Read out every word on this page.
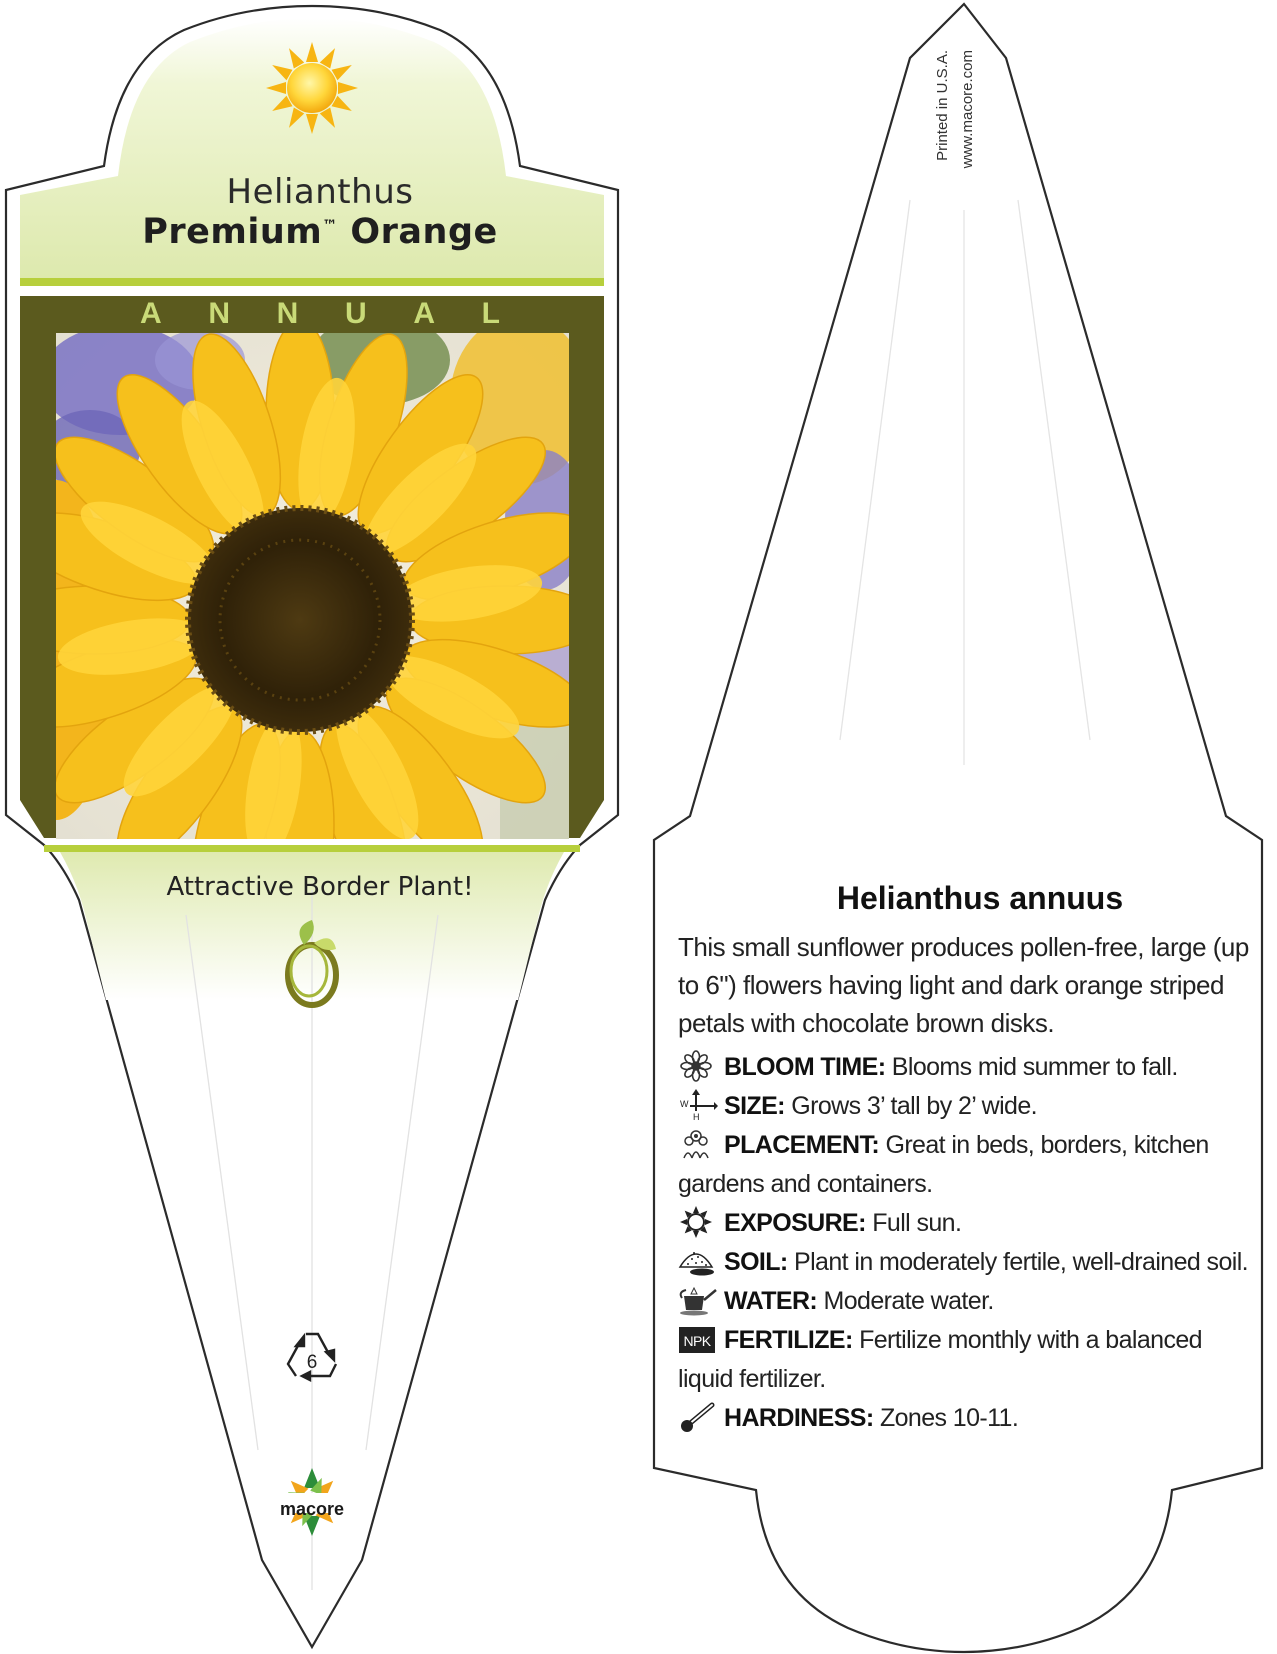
Helianthus
Premium™ Orange
A N N U A L
Attractive Border Plant!
6
macore
Printed in U.S.A. www.macore.com
Helianthus annuus
This small sunflower produces pollen-free, large (up to 6") flowers having light and dark orange striped petals with chocolate brown disks.
BLOOM TIME: Blooms mid summer to fall.
W
H SIZE: Grows 3’ tall by 2’ wide.
PLACEMENT: Great in beds, borders, kitchen gardens and containers.
EXPOSURE: Full sun.
SOIL: Plant in moderately fertile, well-drained soil.
WATER: Moderate water.
NPK FERTILIZE: Fertilize monthly with a balanced liquid fertilizer.
HARDINESS: Zones 10-11.
